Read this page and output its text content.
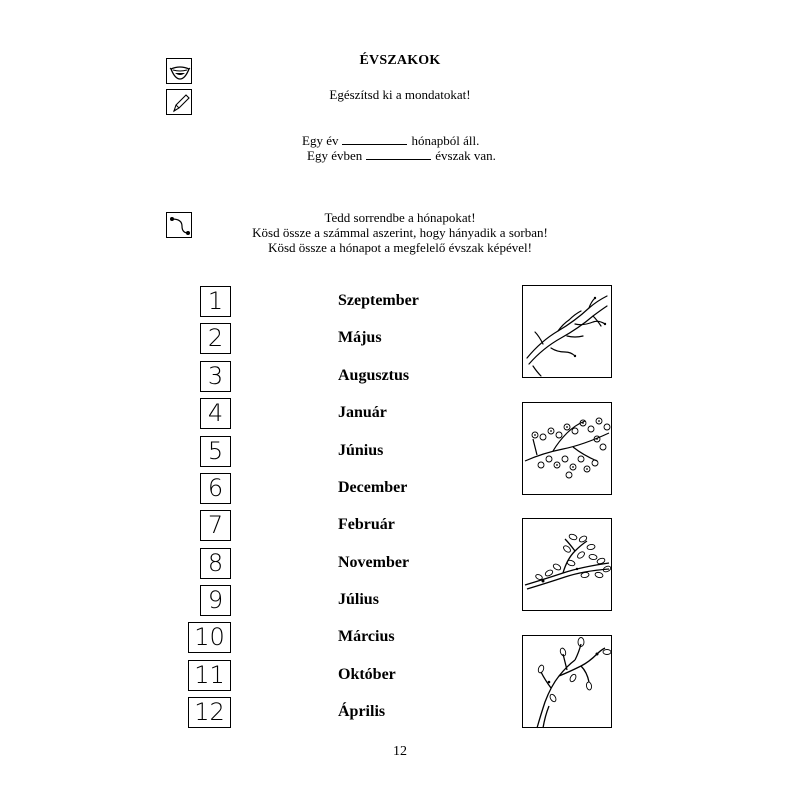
ÉVSZAKOK
Egészítsd ki a mondatokat!
Egy év	hónapból áll.
Egy évben	évszak van.
Tedd sorrendbe a hónapokat!
Kösd össze a számmal aszerint, hogy hányadik a sorban!
Kösd össze a hónapot a megfelelő évszak képével!
1
2
3
4
5
6
7
8
9
10
11
12
Szeptember
Május
Augusztus
Január
Június
December
Február
November
Július
Március
Október
Április
12
